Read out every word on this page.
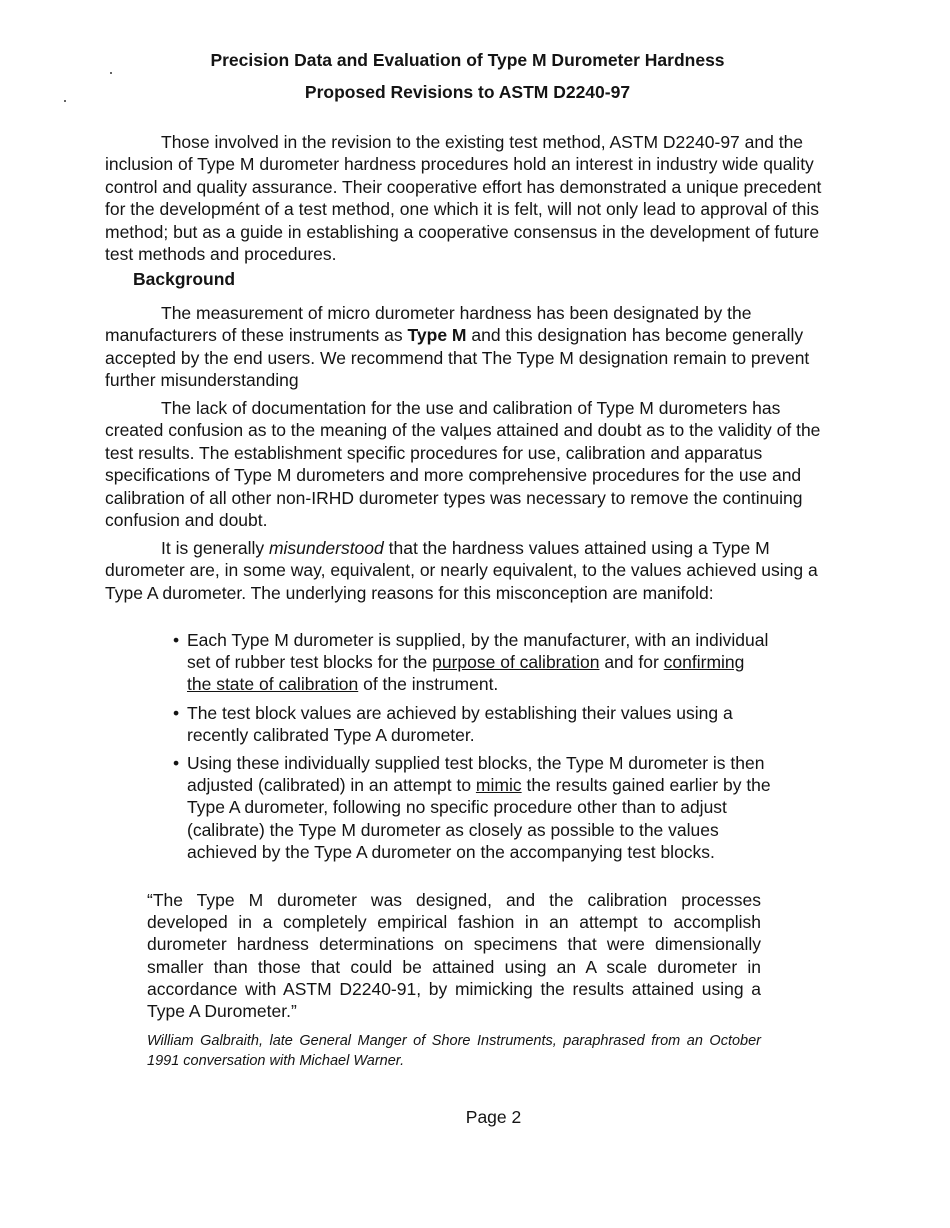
Precision Data and Evaluation of Type M Durometer Hardness
Proposed Revisions to ASTM D2240-97

Those involved in the revision to the existing test method, ASTM D2240-97 and the inclusion of Type M durometer hardness procedures hold an interest in industry wide quality control and quality assurance. Their cooperative effort has demonstrated a unique precedent for the developmént of a test method, one which it is felt, will not only lead to approval of this method; but as a guide in establishing a cooperative consensus in the development of future test methods and procedures.

Background

The measurement of micro durometer hardness has been designated by the manufacturers of these instruments as Type M and this designation has become generally accepted by the end users. We recommend that The Type M designation remain to prevent further misunderstanding

The lack of documentation for the use and calibration of Type M durometers has created confusion as to the meaning of the valµes attained and doubt as to the validity of the test results. The establishment specific procedures for use, calibration and apparatus specifications of Type M durometers and more comprehensive procedures for the use and calibration of all other non-IRHD durometer types was necessary to remove the continuing confusion and doubt.

It is generally misunderstood that the hardness values attained using a Type M durometer are, in some way, equivalent, or nearly equivalent, to the values achieved using a Type A durometer. The underlying reasons for this misconception are manifold:

• Each Type M durometer is supplied, by the manufacturer, with an individual set of rubber test blocks for the purpose of calibration and for confirming the state of calibration of the instrument.
• The test block values are achieved by establishing their values using a recently calibrated Type A durometer.
• Using these individually supplied test blocks, the Type M durometer is then adjusted (calibrated) in an attempt to mimic the results gained earlier by the Type A durometer, following no specific procedure other than to adjust (calibrate) the Type M durometer as closely as possible to the values achieved by the Type A durometer on the accompanying test blocks.

“The Type M durometer was designed, and the calibration processes developed in a completely empirical fashion in an attempt to accomplish durometer hardness determinations on specimens that were dimensionally smaller than those that could be attained using an A scale durometer in accordance with ASTM D2240-91, by mimicking the results attained using a Type A Durometer.”

William Galbraith, late General Manger of Shore Instruments, paraphrased from an October 1991 conversation with Michael Warner.

Page 2
